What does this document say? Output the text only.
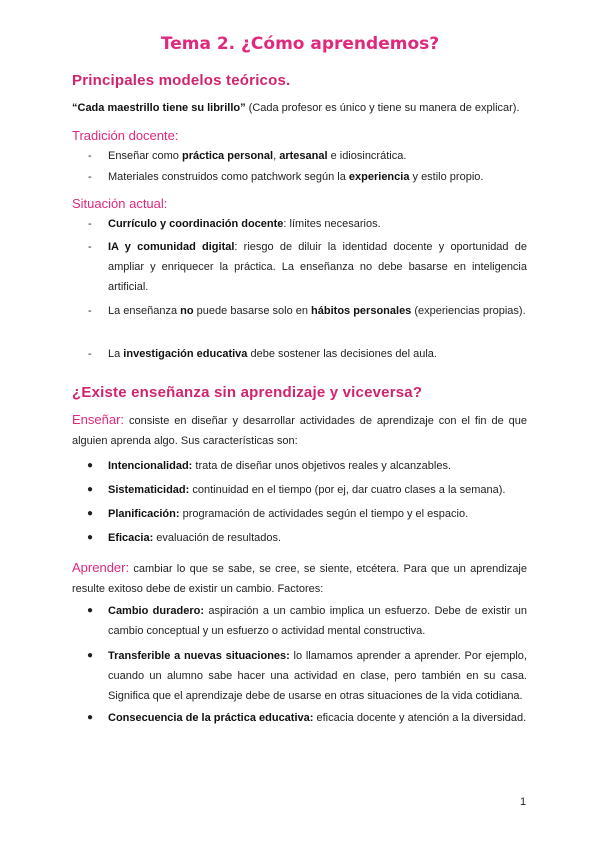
Tema 2. ¿Cómo aprendemos?
Principales modelos teóricos.
“Cada maestrillo tiene su librillo” (Cada profesor es único y tiene su manera de explicar).
Tradición docente:
- Enseñar como práctica personal, artesanal e idiosincrática.
- Materiales construidos como patchwork según la experiencia y estilo propio.
Situación actual:
- Currículo y coordinación docente: límites necesarios.
- IA y comunidad digital: riesgo de diluir la identidad docente y oportunidad de ampliar y enriquecer la práctica. La enseñanza no debe basarse en inteligencia artificial.
- La enseñanza no puede basarse solo en hábitos personales (experiencias propias).
- La investigación educativa debe sostener las decisiones del aula.
¿Existe enseñanza sin aprendizaje y viceversa?
Enseñar: consiste en diseñar y desarrollar actividades de aprendizaje con el fin de que alguien aprenda algo. Sus características son:
● Intencionalidad: trata de diseñar unos objetivos reales y alcanzables.
● Sistematicidad: continuidad en el tiempo (por ej, dar cuatro clases a la semana).
● Planificación: programación de actividades según el tiempo y el espacio.
● Eficacia: evaluación de resultados.
Aprender: cambiar lo que se sabe, se cree, se siente, etcétera. Para que un aprendizaje resulte exitoso debe de existir un cambio. Factores:
● Cambio duradero: aspiración a un cambio implica un esfuerzo. Debe de existir un cambio conceptual y un esfuerzo o actividad mental constructiva.
● Transferible a nuevas situaciones: lo llamamos aprender a aprender. Por ejemplo, cuando un alumno sabe hacer una actividad en clase, pero también en su casa. Significa que el aprendizaje debe de usarse en otras situaciones de la vida cotidiana.
● Consecuencia de la práctica educativa: eficacia docente y atención a la diversidad.
1
